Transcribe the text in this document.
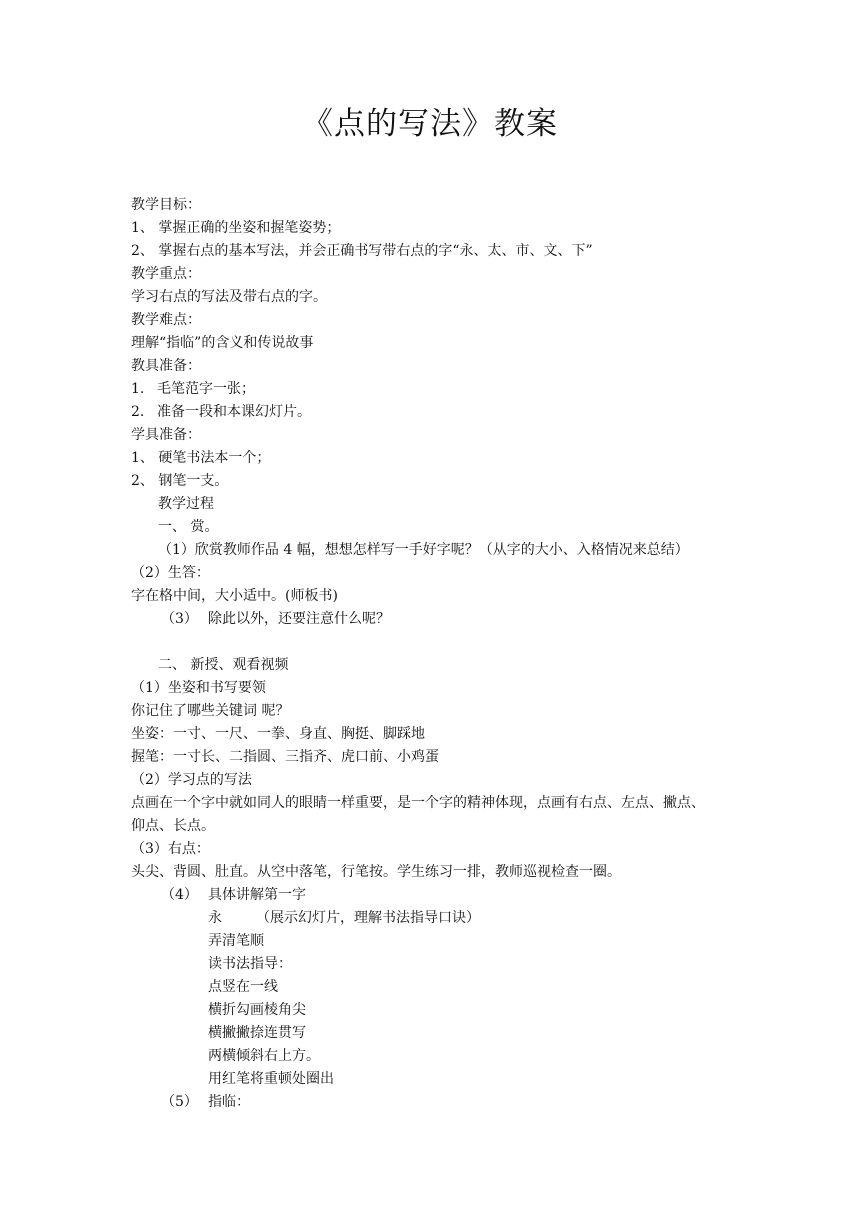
《点的写法》教案
教学目标：
1、 掌握正确的坐姿和握笔姿势；
2、 掌握右点的基本写法，并会正确书写带右点的字“永、太、市、文、下”
教学重点：
学习右点的写法及带右点的字。
教学难点：
理解“指临”的含义和传说故事
教具准备：
1. 毛笔范字一张；
2. 准备一段和本课幻灯片。
学具准备：
1、 硬笔书法本一个；
2、 钢笔一支。
教学过程
一、 赏。
（1）欣赏教师作品 4 幅，想想怎样写一手好字呢？（从字的大小、入格情况来总结）
（2）生答：
字在格中间，大小适中。(师板书)
（3） 除此以外，还要注意什么呢？
二、 新授、观看视频
（1）坐姿和书写要领
你记住了哪些关键词 呢？
坐姿：一寸、一尺、一拳、身直、胸挺、脚踩地
握笔：一寸长、二指圆、三指齐、虎口前、小鸡蛋
（2）学习点的写法
点画在一个字中就如同人的眼睛一样重要，是一个字的精神体现，点画有右点、左点、撇点、
仰点、长点。
（3）右点：
头尖、背圆、肚直。从空中落笔，行笔按。学生练习一排，教师巡视检查一圈。
（4） 具体讲解第一字
永 （展示幻灯片，理解书法指导口诀）
弄清笔顺
读书法指导：
点竖在一线
横折勾画棱角尖
横撇撇捺连贯写
两横倾斜右上方。
用红笔将重顿处圈出
（5） 指临：
